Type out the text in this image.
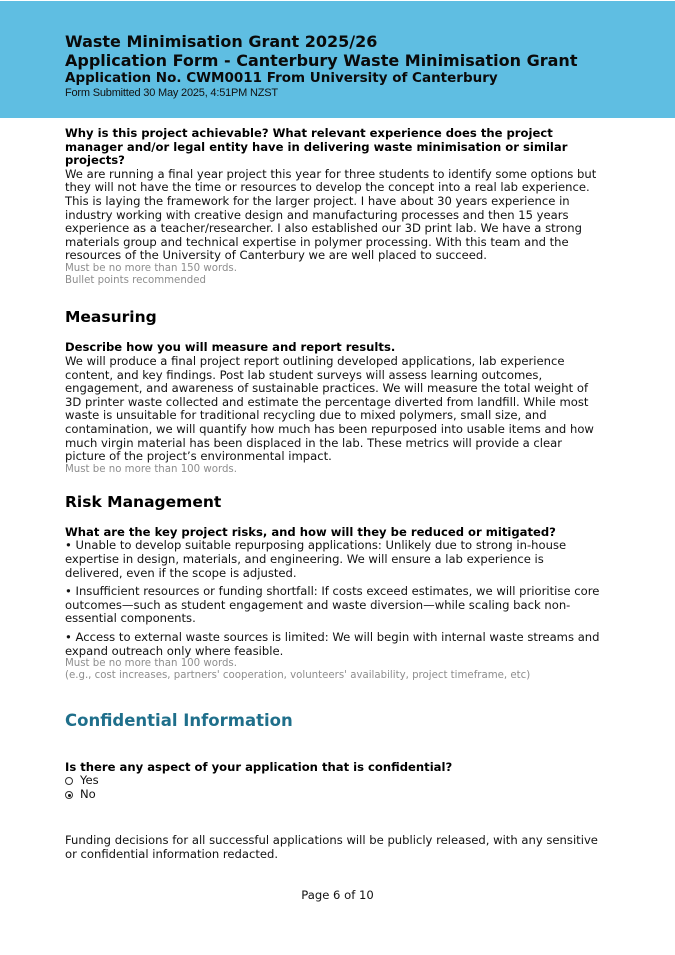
Waste Minimisation Grant 2025/26
Application Form - Canterbury Waste Minimisation Grant
Application No. CWM0011 From University of Canterbury
Form Submitted 30 May 2025, 4:51PM NZST
Why is this project achievable? What relevant experience does the project manager and/or legal entity have in delivering waste minimisation or similar projects?
We are running a final year project this year for three students to identify some options but they will not have the time or resources to develop the concept into a real lab experience. This is laying the framework for the larger project. I have about 30 years experience in industry working with creative design and manufacturing processes and then 15 years experience as a teacher/researcher. I also established our 3D print lab. We have a strong materials group and technical expertise in polymer processing. With this team and the resources of the University of Canterbury we are well placed to succeed.
Must be no more than 150 words.
Bullet points recommended
Measuring
Describe how you will measure and report results.
We will produce a final project report outlining developed applications, lab experience content, and key findings. Post lab student surveys will assess learning outcomes, engagement, and awareness of sustainable practices. We will measure the total weight of 3D printer waste collected and estimate the percentage diverted from landfill. While most waste is unsuitable for traditional recycling due to mixed polymers, small size, and contamination, we will quantify how much has been repurposed into usable items and how much virgin material has been displaced in the lab. These metrics will provide a clear picture of the project’s environmental impact.
Must be no more than 100 words.
Risk Management
What are the key project risks, and how will they be reduced or mitigated?
• Unable to develop suitable repurposing applications: Unlikely due to strong in-house expertise in design, materials, and engineering. We will ensure a lab experience is delivered, even if the scope is adjusted.
• Insufficient resources or funding shortfall: If costs exceed estimates, we will prioritise core outcomes—such as student engagement and waste diversion—while scaling back non-essential components.
• Access to external waste sources is limited: We will begin with internal waste streams and expand outreach only where feasible.
Must be no more than 100 words.
(e.g., cost increases, partners' cooperation, volunteers' availability, project timeframe, etc)
Confidential Information
Is there any aspect of your application that is confidential?
Yes
No
Funding decisions for all successful applications will be publicly released, with any sensitive or confidential information redacted.
Page 6 of 10
